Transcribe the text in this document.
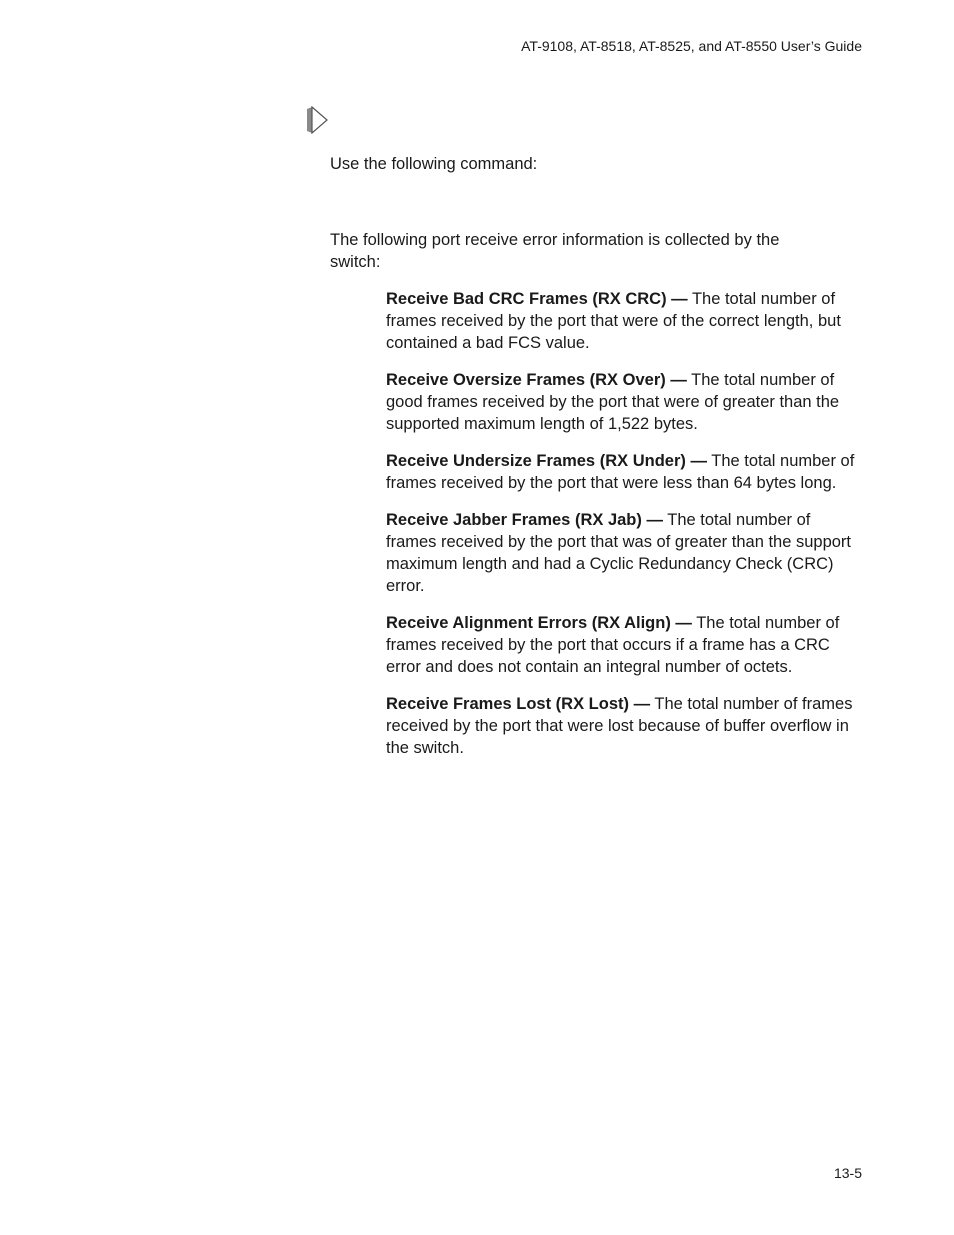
AT-9108, AT-8518, AT-8525, and AT-8550 User’s Guide
Use the following command:
The following port receive error information is collected by the switch:

Receive Bad CRC Frames (RX CRC) — The total number of frames received by the port that were of the correct length, but contained a bad FCS value.

Receive Oversize Frames (RX Over) — The total number of good frames received by the port that were of greater than the supported maximum length of 1,522 bytes.

Receive Undersize Frames (RX Under) — The total number of frames received by the port that were less than 64 bytes long.

Receive Jabber Frames (RX Jab) — The total number of frames received by the port that was of greater than the support maximum length and had a Cyclic Redundancy Check (CRC) error.

Receive Alignment Errors (RX Align) — The total number of frames received by the port that occurs if a frame has a CRC error and does not contain an integral number of octets.

Receive Frames Lost (RX Lost) — The total number of frames received by the port that were lost because of buffer overflow in the switch.

13-5
